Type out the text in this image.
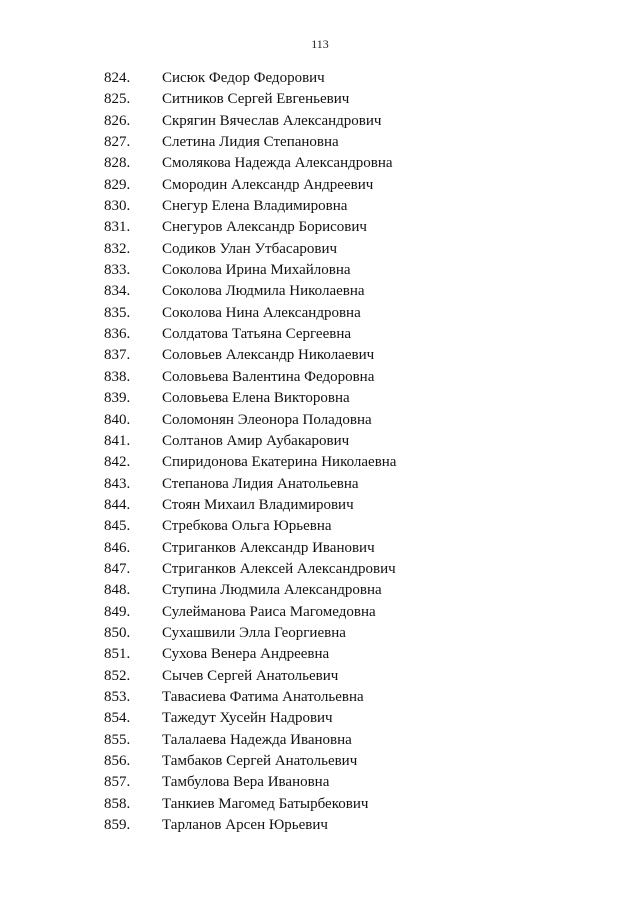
113
824. Сисюк Федор Федорович
825. Ситников Сергей Евгеньевич
826. Скрягин Вячеслав Александрович
827. Слетина Лидия Степановна
828. Смолякова Надежда Александровна
829. Смородин Александр Андреевич
830. Снегур Елена Владимировна
831. Снегуров Александр Борисович
832. Содиков Улан Утбасарович
833. Соколова Ирина Михайловна
834. Соколова Людмила Николаевна
835. Соколова Нина Александровна
836. Солдатова Татьяна Сергеевна
837. Соловьев Александр Николаевич
838. Соловьева Валентина Федоровна
839. Соловьева Елена Викторовна
840. Соломонян Элеонора Поладовна
841. Солтанов Амир Аубакарович
842. Спиридонова Екатерина Николаевна
843. Степанова Лидия Анатольевна
844. Стоян Михаил Владимирович
845. Стребкова Ольга Юрьевна
846. Стриганков Александр Иванович
847. Стриганков Алексей Александрович
848. Ступина Людмила Александровна
849. Сулейманова Раиса Магомедовна
850. Сухашвили Элла Георгиевна
851. Сухова Венера Андреевна
852. Сычев Сергей Анатольевич
853. Тавасиева Фатима Анатольевна
854. Тажедут Хусейн Надрович
855. Талалаева Надежда Ивановна
856. Тамбаков Сергей Анатольевич
857. Тамбулова Вера Ивановна
858. Танкиев Магомед Батырбекович
859. Тарланов Арсен Юрьевич
